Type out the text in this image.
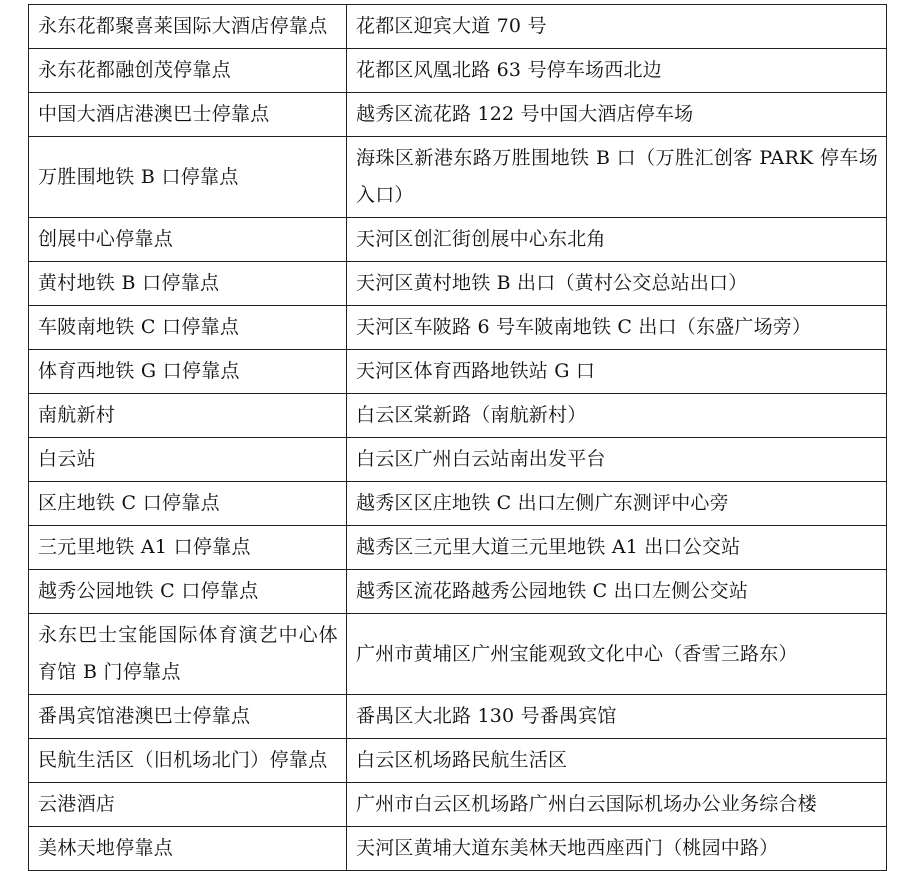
永东花都聚喜莱国际大酒店停靠点	花都区迎宾大道 70 号
永东花都融创茂停靠点	花都区风凰北路 63 号停车场西北边
中国大酒店港澳巴士停靠点	越秀区流花路 122 号中国大酒店停车场
万胜围地铁 B 口停靠点	海珠区新港东路万胜围地铁 B 口（万胜汇创客 PARK 停车场入口）
创展中心停靠点	天河区创汇街创展中心东北角
黄村地铁 B 口停靠点	天河区黄村地铁 B 出口（黄村公交总站出口）
车陂南地铁 C 口停靠点	天河区车陂路 6 号车陂南地铁 C 出口（东盛广场旁）
体育西地铁 G 口停靠点	天河区体育西路地铁站 G 口
南航新村	白云区棠新路（南航新村）
白云站	白云区广州白云站南出发平台
区庄地铁 C 口停靠点	越秀区区庄地铁 C 出口左侧广东测评中心旁
三元里地铁 A1 口停靠点	越秀区三元里大道三元里地铁 A1 出口公交站
越秀公园地铁 C 口停靠点	越秀区流花路越秀公园地铁 C 出口左侧公交站
永东巴士宝能国际体育演艺中心体育馆 B 门停靠点	广州市黄埔区广州宝能观致文化中心（香雪三路东）
番禺宾馆港澳巴士停靠点	番禺区大北路 130 号番禺宾馆
民航生活区（旧机场北门）停靠点	白云区机场路民航生活区
云港酒店	广州市白云区机场路广州白云国际机场办公业务综合楼
美林天地停靠点	天河区黄埔大道东美林天地西座西门（桃园中路）
